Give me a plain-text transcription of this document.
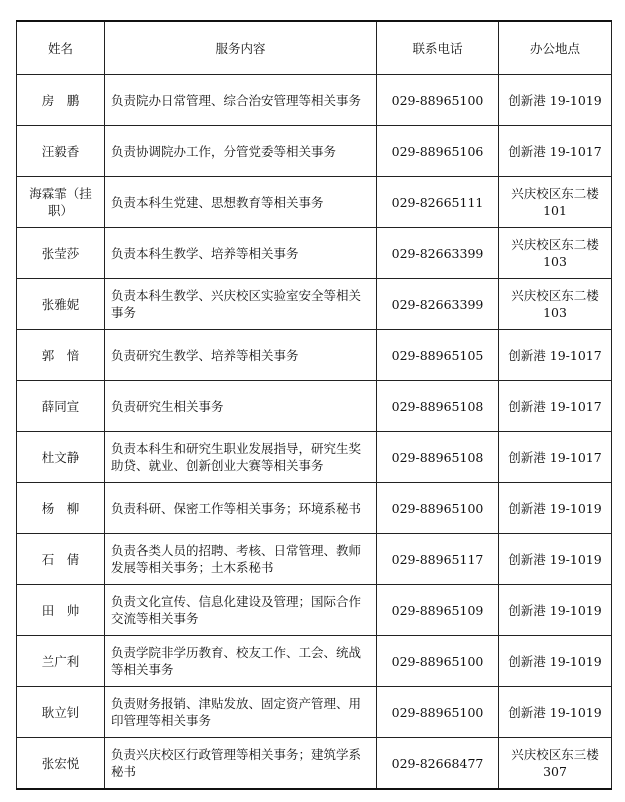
姓名	服务内容	联系电话	办公地点
房　鹏	负责院办日常管理、综合治安管理等相关事务	029-88965100	创新港 19-1019
汪毅香	负责协调院办工作，分管党委等相关事务	029-88965106	创新港 19-1017
海霖霏（挂职）	负责本科生党建、思想教育等相关事务	029-82665111	兴庆校区东二楼 101
张莹莎	负责本科生教学、培养等相关事务	029-82663399	兴庆校区东二楼 103
张雅妮	负责本科生教学、兴庆校区实验室安全等相关事务	029-82663399	兴庆校区东二楼 103
郭　愔	负责研究生教学、培养等相关事务	029-88965105	创新港 19-1017
薛同宣	负责研究生相关事务	029-88965108	创新港 19-1017
杜文静	负责本科生和研究生职业发展指导，研究生奖助贷、就业、创新创业大赛等相关事务	029-88965108	创新港 19-1017
杨　柳	负责科研、保密工作等相关事务；环境系秘书	029-88965100	创新港 19-1019
石　倩	负责各类人员的招聘、考核、日常管理、教师发展等相关事务；土木系秘书	029-88965117	创新港 19-1019
田　帅	负责文化宣传、信息化建设及管理；国际合作交流等相关事务	029-88965109	创新港 19-1019
兰广利	负责学院非学历教育、校友工作、工会、统战等相关事务	029-88965100	创新港 19-1019
耿立钊	负责财务报销、津贴发放、固定资产管理、用印管理等相关事务	029-88965100	创新港 19-1019
张宏悦	负责兴庆校区行政管理等相关事务；建筑学系秘书	029-82668477	兴庆校区东三楼 307
